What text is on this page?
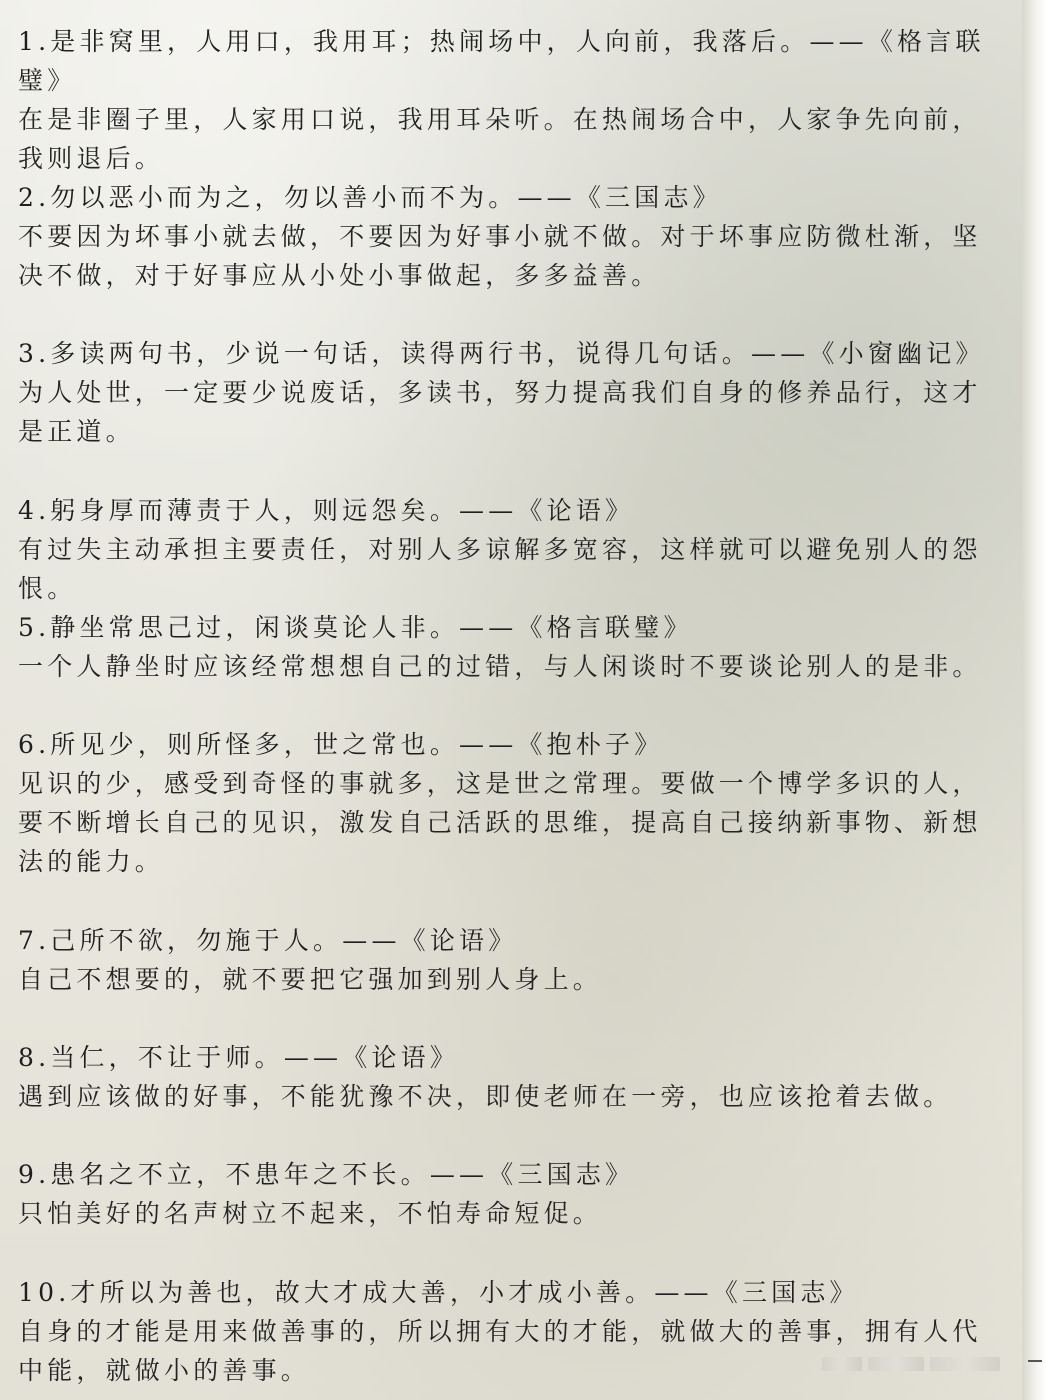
1.是非窝里，人用口，我用耳；热闹场中，人向前，我落后。——《格言联璧》

在是非圈子里，人家用口说，我用耳朵听。在热闹场合中，人家争先向前，我则退后。

2.勿以恶小而为之，勿以善小而不为。——《三国志》

不要因为坏事小就去做，不要因为好事小就不做。对于坏事应防微杜渐，坚决不做，对于好事应从小处小事做起，多多益善。

3.多读两句书，少说一句话，读得两行书，说得几句话。——《小窗幽记》

为人处世，一定要少说废话，多读书，努力提高我们自身的修养品行，这才是正道。

4.躬身厚而薄责于人，则远怨矣。——《论语》

有过失主动承担主要责任，对别人多谅解多宽容，这样就可以避免别人的怨恨。

5.静坐常思己过，闲谈莫论人非。——《格言联璧》

一个人静坐时应该经常想想自己的过错，与人闲谈时不要谈论别人的是非。

6.所见少，则所怪多，世之常也。——《抱朴子》

见识的少，感受到奇怪的事就多，这是世之常理。要做一个博学多识的人，要不断增长自己的见识，激发自己活跃的思维，提高自己接纳新事物、新想法的能力。

7.己所不欲，勿施于人。——《论语》

自己不想要的，就不要把它强加到别人身上。

8.当仁，不让于师。——《论语》

遇到应该做的好事，不能犹豫不决，即使老师在一旁，也应该抢着去做。

9.患名之不立，不患年之不长。——《三国志》

只怕美好的名声树立不起来，不怕寿命短促。

10.才所以为善也，故大才成大善，小才成小善。——《三国志》

自身的才能是用来做善事的，所以拥有大的才能，就做大的善事，拥有人代中能，就做小的善事。
